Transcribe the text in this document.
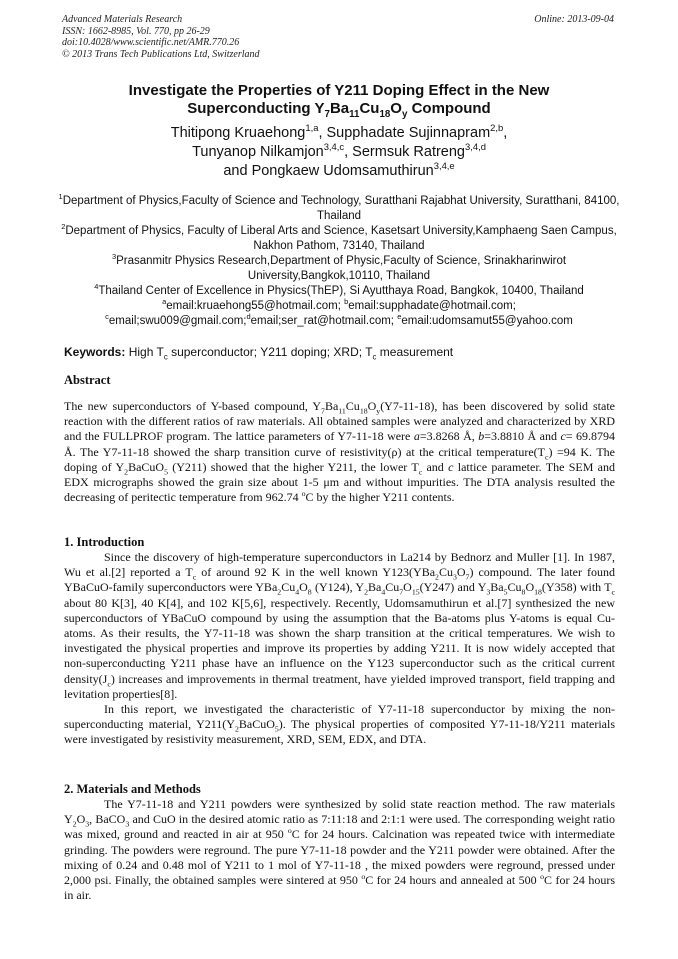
Advanced Materials Research
ISSN: 1662-8985, Vol. 770, pp 26-29
doi:10.4028/www.scientific.net/AMR.770.26
© 2013 Trans Tech Publications Ltd, Switzerland
Online: 2013-09-04
Investigate the Properties of Y211 Doping Effect in the New
Superconducting $Y_7Ba_{11}Cu_{18}O_y$ Compound
Thitipong Kruaehong$^{1,a}$, Supphadate Sujinnapram$^{2,b}$,
Tunyanop Nilkamjon$^{3,4,c}$, Sermsuk Ratreng$^{3,4,d}$
and Pongkaew Udomsamuthirun$^{3,4,e}$
$^1$Department of Physics,Faculty of Science and Technology, Suratthani Rajabhat University, Suratthani, 84100, Thailand
$^2$Department of Physics, Faculty of Liberal Arts and Science, Kasetsart University,Kamphaeng Saen Campus, Nakhon Pathom, 73140, Thailand
$^3$Prasanmitr Physics Research,Department of Physic,Faculty of Science, Srinakharinwirot University,Bangkok,10110, Thailand
$^4$Thailand Center of Excellence in Physics(ThEP), Si Ayutthaya Road, Bangkok, 10400, Thailand
$^a$email:kruaehong55@hotmail.com; $^b$email:supphadate@hotmail.com;
$^c$email;swu009@gmail.com;$^d$email;ser_rat@hotmail.com; $^e$email:udomsamut55@yahoo.com
Keywords: High $T_c$ superconductor; Y211 doping; XRD; $T_c$ measurement
Abstract

The new superconductors of Y-based compound, $Y_7Ba_{11}Cu_{18}O_y(Y7-11-18)$, has been discovered by solid state reaction with the different ratios of raw materials. All obtained samples were analyzed and characterized by XRD and the FULLPROF program. The lattice parameters of Y7-11-18 were a=3.8268 Å, b=3.8810 Å and c= 69.8794 Å. The Y7-11-18 showed the sharp transition curve of resistivity(ρ) at the critical $temperature(T_c) =94$ K. The doping of $Y_2BaCuO_5$ (Y211) showed that the higher Y211, the lower $T_c$ and c lattice parameter. The SEM and EDX micrographs showed the grain size about 1-5 μm and without impurities. The DTA analysis resulted the decreasing of peritectic temperature from 962.74 $^o$C by the higher Y211 contents.

1. Introduction

Since the discovery of high-temperature superconductors in La214 by Bednorz and Muller [1]. In 1987, Wu et al.[2] reported a $T_c$ of around 92 K in the well known $Y123(YBa_2Cu_3O_7)$ compound. The later found YBaCuO-family superconductors were $YBa_2Cu_4O_8$ (Y124), $Y_2Ba_4Cu_7O_{15}(Y247)$ and $Y_3Ba_5Cu_8O_{18}(Y358)$ with $T_c$ about 80 K[3], 40 K[4], and 102 K[5,6], respectively. Recently, Udomsamuthirun et al.[7] synthesized the new superconductors of YBaCuO compound by using the assumption that the Ba-atoms plus Y-atoms is equal Cu-atoms. As their results, the Y7-11-18 was shown the sharp transition at the critical temperatures. We wish to investigated the physical properties and improve its properties by adding Y211. It is now widely accepted that non-superconducting Y211 phase have an influence on the Y123 superconductor such as the critical current $density(J_c)$ increases and improvements in thermal treatment, have yielded improved transport, field trapping and levitation properties[8].

In this report, we investigated the characteristic of Y7-11-18 superconductor by mixing the non-superconducting material, $Y211(Y_2BaCuO_5)$. The physical properties of composited Y7-11-18/Y211 materials were investigated by resistivity measurement, XRD, SEM, EDX, and DTA.

2. Materials and Methods

The Y7-11-18 and Y211 powders were synthesized by solid state reaction method. The raw materials $Y_2O_3$, BaCO$_3$ and CuO in the desired atomic ratio as 7:11:18 and 2:1:1 were used. The corresponding weight ratio was mixed, ground and reacted in air at 950 $^o$C for 24 hours. Calcination was repeated twice with intermediate grinding. The powders were reground. The pure Y7-11-18 powder and the Y211 powder were obtained. After the mixing of 0.24 and 0.48 mol of Y211 to 1 mol of Y7-11-18 , the mixed powders were reground, pressed under 2,000 psi. Finally, the obtained samples were sintered at 950 $^o$C for 24 hours and annealed at 500 $^o$C for 24 hours in air.
